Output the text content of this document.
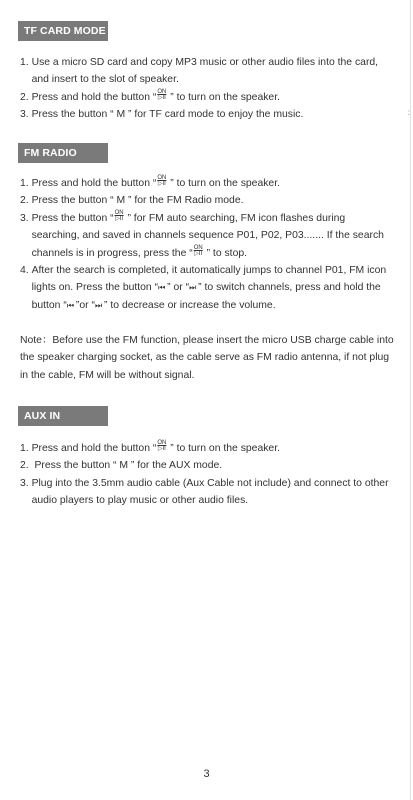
:
TF CARD MODE
1. Use a micro SD card and copy MP3 music or other audio files into the card, and insert to the slot of speaker.
2. Press and hold the button “ $\frac{ON}{▷II}$ ” to turn on the speaker.
3. Press the button “ M ” for TF card mode to enjoy the music.
FM RADIO
1. Press and hold the button “ $\frac{ON}{▷II}$ ” to turn on the speaker.
2. Press the button “ M ” for the FM Radio mode.
3. Press the button “ $\frac{ON}{▷II}$ ” for FM auto searching, FM icon flashes during searching, and saved in channels sequence P01, P02, P03....... If the search channels is in progress, press the “ $\frac{ON}{▷II}$ ” to stop.
4. After the search is completed, it automatically jumps to channel P01, FM icon lights on. Press the button “⏮ ” or “⏭ ” to switch channels, press and hold the button “⏮ ”or “⏭ ” to decrease or increase the volume.
Note：Before use the FM function, please insert the micro USB charge cable into the speaker charging socket, as the cable serve as FM radio antenna, if not plug in the cable, FM will be without signal.
AUX IN
1. Press and hold the button “ $\frac{ON}{▷II}$ ” to turn on the speaker.
2. Press the button “ M ” for the AUX mode.
3. Plug into the 3.5mm audio cable (Aux Cable not include) and connect to other audio players to play music or other audio files.
3
